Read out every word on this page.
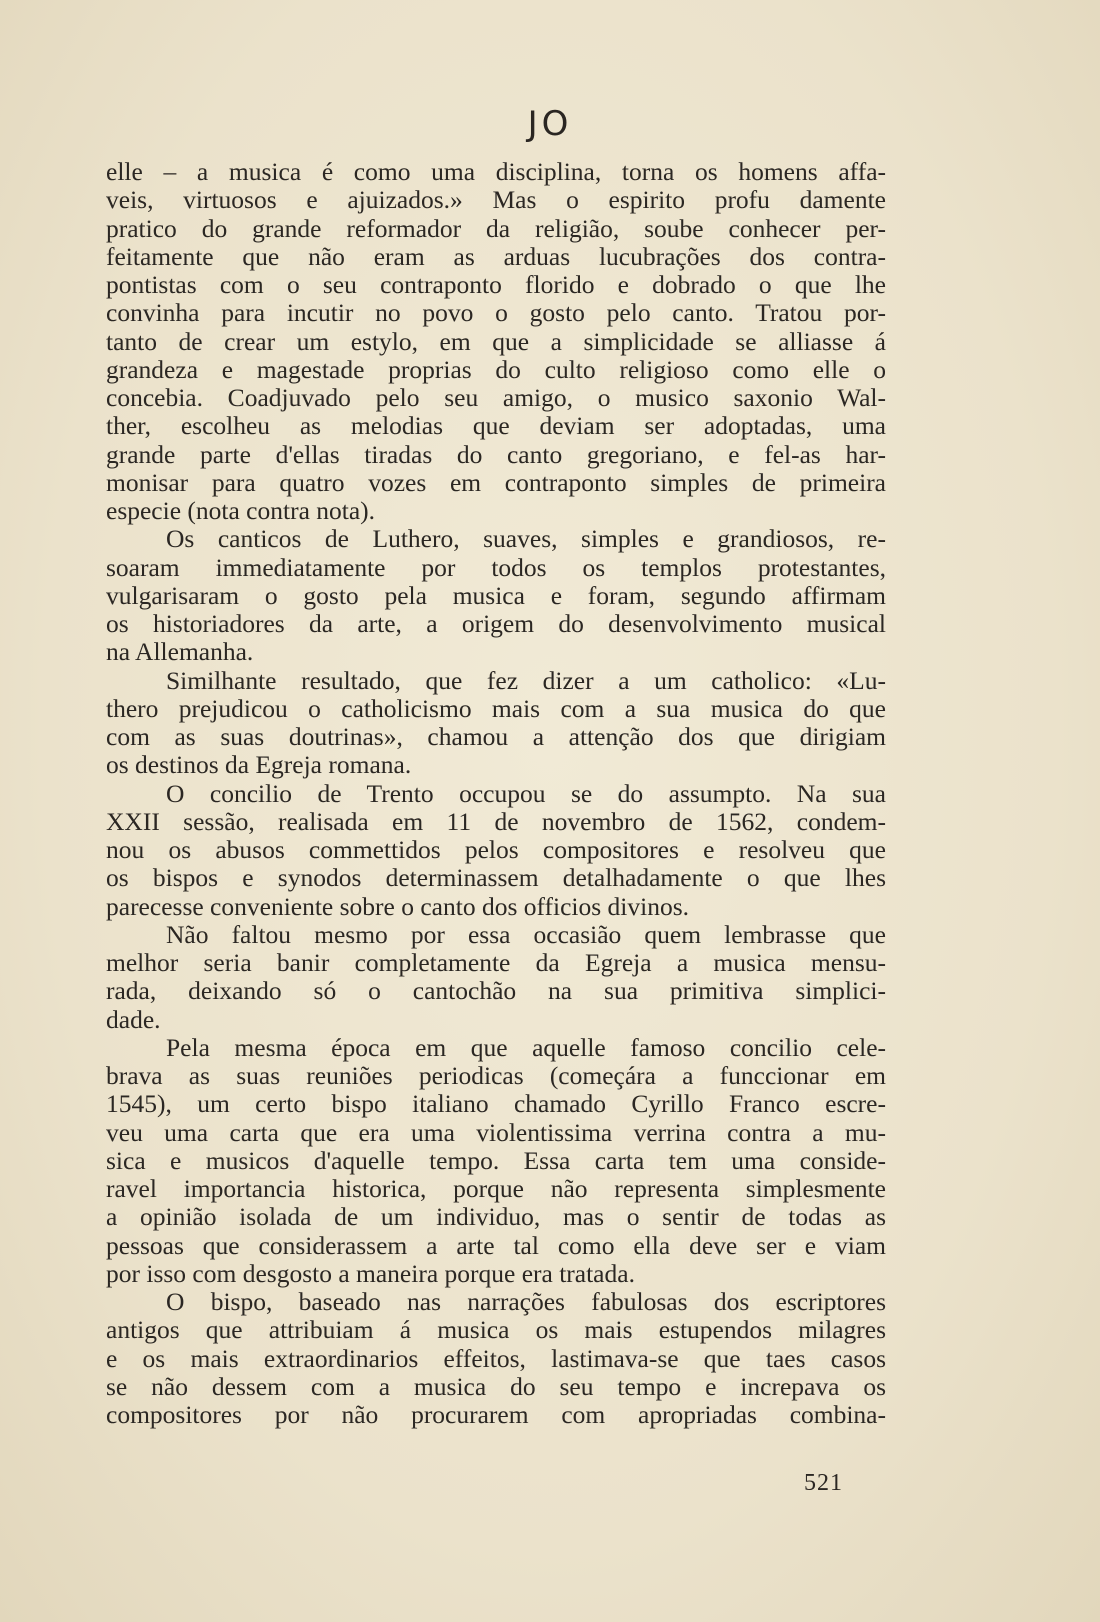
JO
elle – a musica é como uma disciplina, torna os homens affa-
veis, virtuosos e ajuizados.» Mas o espirito profu damente
pratico do grande reformador da religião, soube conhecer per-
feitamente que não eram as arduas lucubrações dos contra-
pontistas com o seu contraponto florido e dobrado o que lhe
convinha para incutir no povo o gosto pelo canto. Tratou por-
tanto de crear um estylo, em que a simplicidade se alliasse á
grandeza e magestade proprias do culto religioso como elle o
concebia. Coadjuvado pelo seu amigo, o musico saxonio Wal-
ther, escolheu as melodias que deviam ser adoptadas, uma
grande parte d'ellas tiradas do canto gregoriano, e fel-as har-
monisar para quatro vozes em contraponto simples de primeira
especie (nota contra nota).
Os canticos de Luthero, suaves, simples e grandiosos, re-
soaram immediatamente por todos os templos protestantes,
vulgarisaram o gosto pela musica e foram, segundo affirmam
os historiadores da arte, a origem do desenvolvimento musical
na Allemanha.
Similhante resultado, que fez dizer a um catholico: «Lu-
thero prejudicou o catholicismo mais com a sua musica do que
com as suas doutrinas», chamou a attenção dos que dirigiam
os destinos da Egreja romana.
O concilio de Trento occupou se do assumpto. Na sua
XXII sessão, realisada em 11 de novembro de 1562, condem-
nou os abusos commettidos pelos compositores e resolveu que
os bispos e synodos determinassem detalhadamente o que lhes
parecesse conveniente sobre o canto dos officios divinos.
Não faltou mesmo por essa occasião quem lembrasse que
melhor seria banir completamente da Egreja a musica mensu-
rada, deixando só o cantochão na sua primitiva simplici-
dade.
Pela mesma época em que aquelle famoso concilio cele-
brava as suas reuniões periodicas (começára a funccionar em
1545), um certo bispo italiano chamado Cyrillo Franco escre-
veu uma carta que era uma violentissima verrina contra a mu-
sica e musicos d'aquelle tempo. Essa carta tem uma conside-
ravel importancia historica, porque não representa simplesmente
a opinião isolada de um individuo, mas o sentir de todas as
pessoas que considerassem a arte tal como ella deve ser e viam
por isso com desgosto a maneira porque era tratada.
O bispo, baseado nas narrações fabulosas dos escriptores
antigos que attribuiam á musica os mais estupendos milagres
e os mais extraordinarios effeitos, lastimava-se que taes casos
se não dessem com a musica do seu tempo e increpava os
compositores por não procurarem com apropriadas combina-
521
